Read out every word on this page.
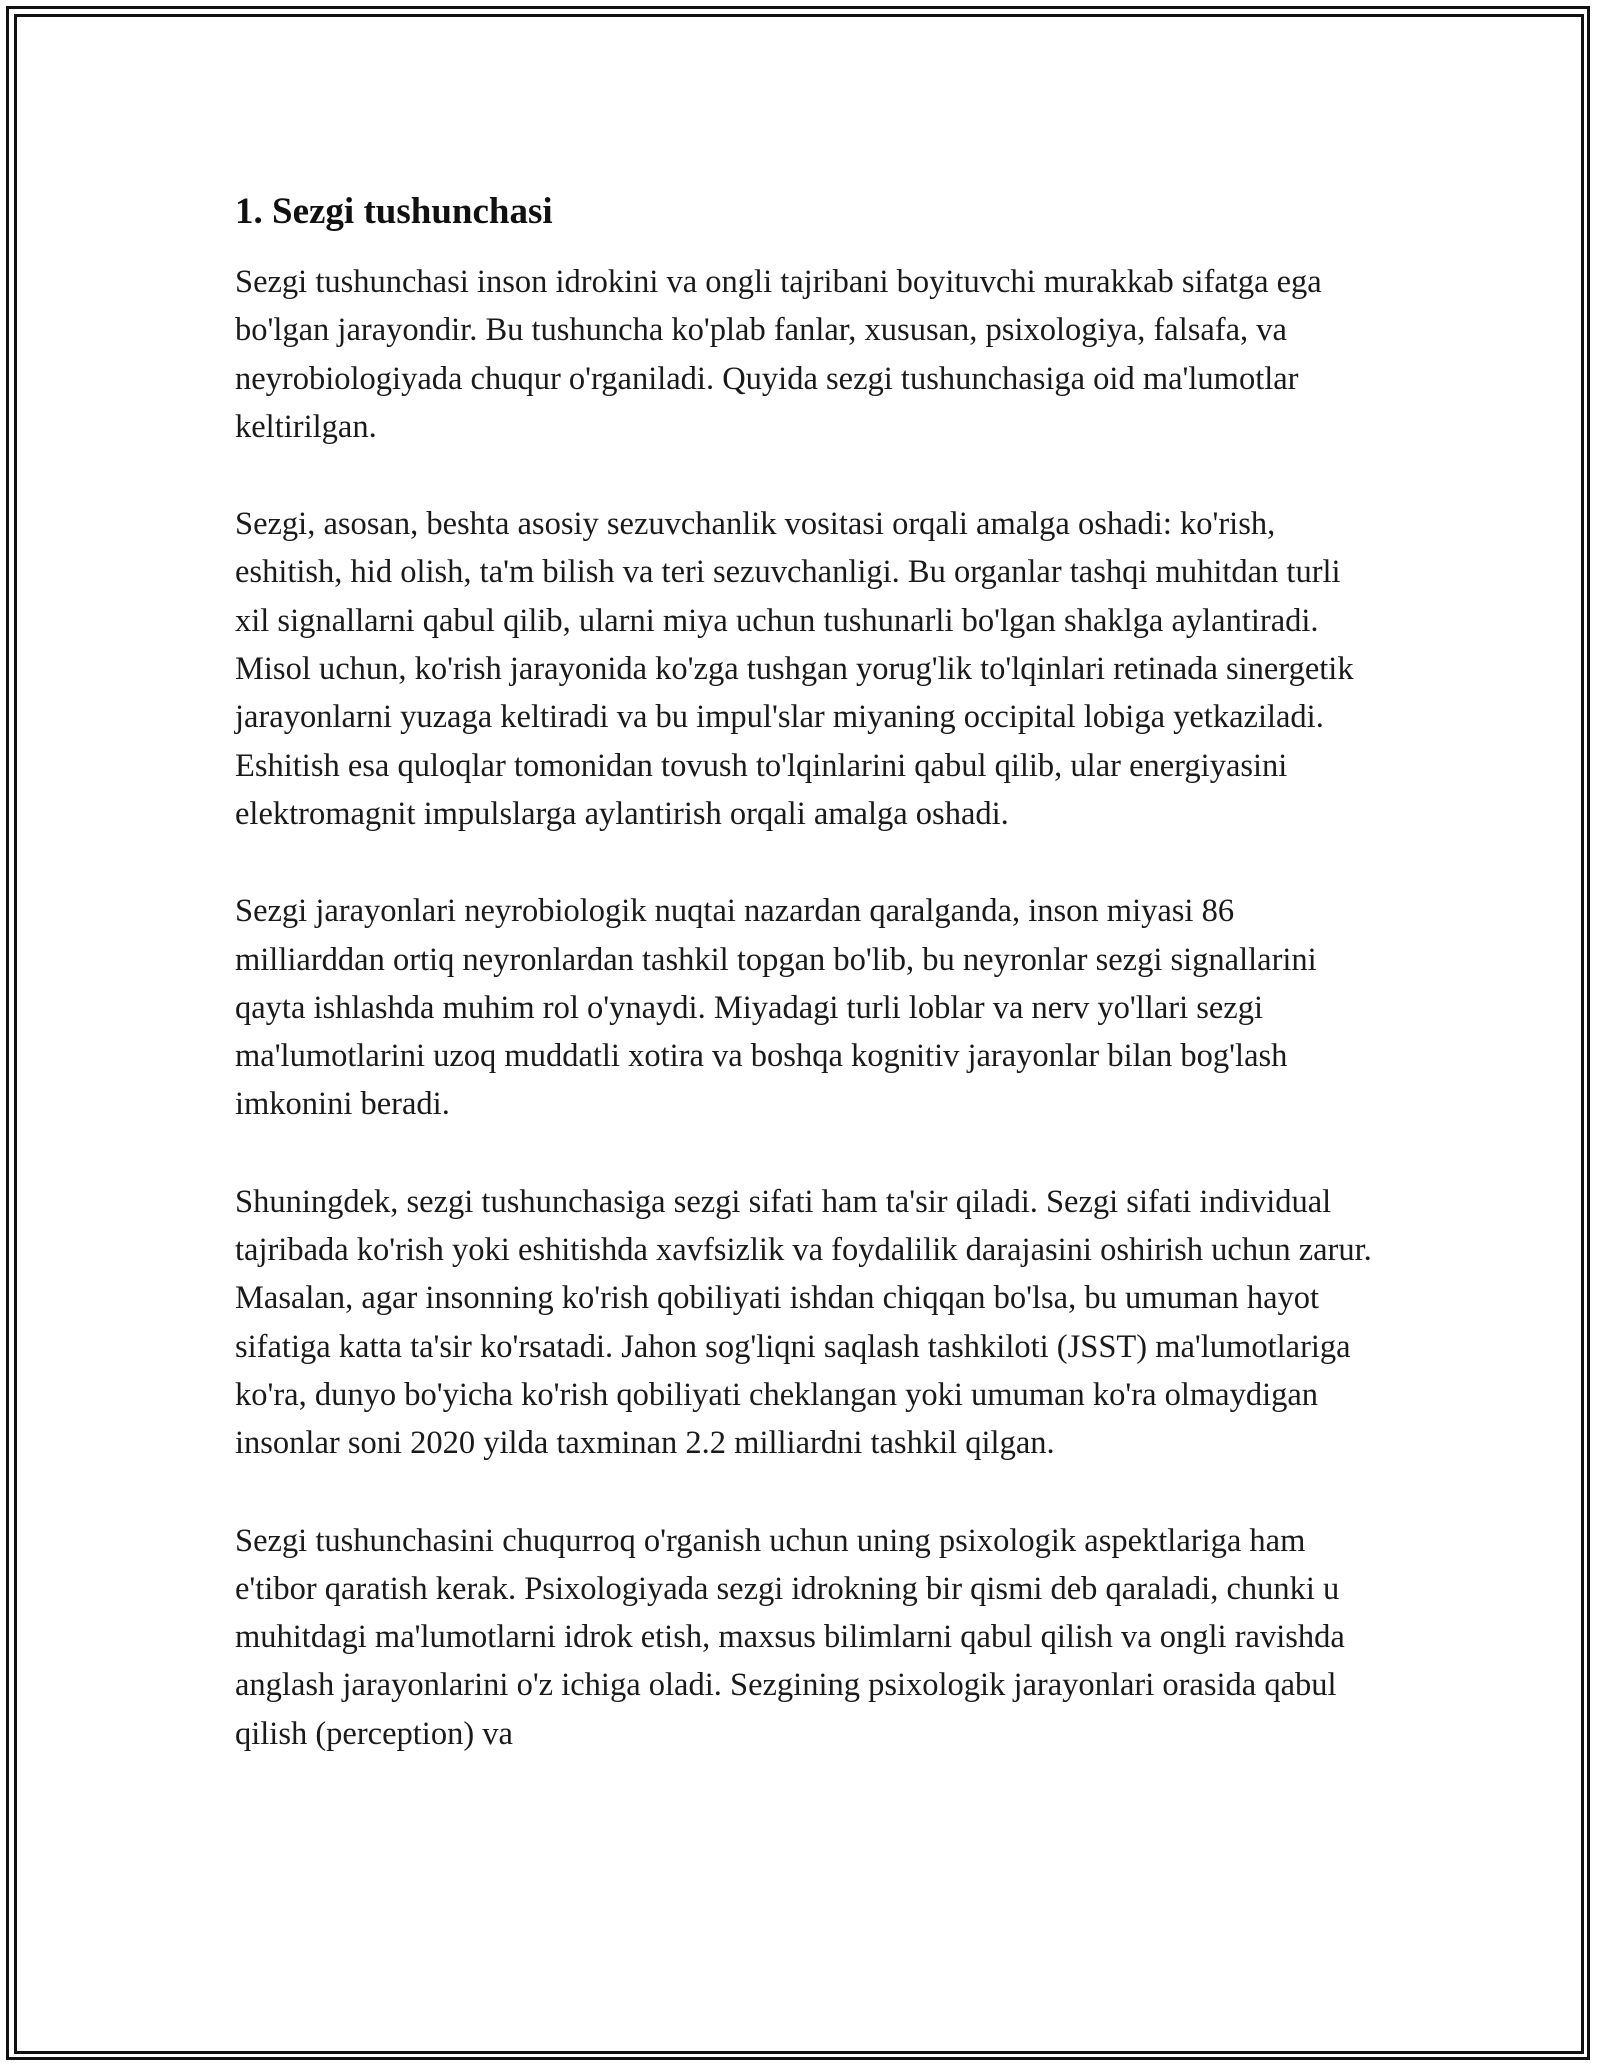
1. Sezgi tushunchasi

Sezgi tushunchasi inson idrokini va ongli tajribani boyituvchi murakkab sifatga ega bo'lgan jarayondir. Bu tushuncha ko'plab fanlar, xususan, psixologiya, falsafa, va neyrobiologiyada chuqur o'rganiladi. Quyida sezgi tushunchasiga oid ma'lumotlar keltirilgan.

Sezgi, asosan, beshta asosiy sezuvchanlik vositasi orqali amalga oshadi: ko'rish, eshitish, hid olish, ta'm bilish va teri sezuvchanligi. Bu organlar tashqi muhitdan turli xil signallarni qabul qilib, ularni miya uchun tushunarli bo'lgan shaklga aylantiradi. Misol uchun, ko'rish jarayonida ko'zga tushgan yorug'lik to'lqinlari retinada sinergetik jarayonlarni yuzaga keltiradi va bu impul'slar miyaning occipital lobiga yetkaziladi. Eshitish esa quloqlar tomonidan tovush to'lqinlarini qabul qilib, ular energiyasini elektromagnit impulslarga aylantirish orqali amalga oshadi.

Sezgi jarayonlari neyrobiologik nuqtai nazardan qaralganda, inson miyasi 86 milliarddan ortiq neyronlardan tashkil topgan bo'lib, bu neyronlar sezgi signallarini qayta ishlashda muhim rol o'ynaydi. Miyadagi turli loblar va nerv yo'llari sezgi ma'lumotlarini uzoq muddatli xotira va boshqa kognitiv jarayonlar bilan bog'lash imkonini beradi.

Shuningdek, sezgi tushunchasiga sezgi sifati ham ta'sir qiladi. Sezgi sifati individual tajribada ko'rish yoki eshitishda xavfsizlik va foydalilik darajasini oshirish uchun zarur. Masalan, agar insonning ko'rish qobiliyati ishdan chiqqan bo'lsa, bu umuman hayot sifatiga katta ta'sir ko'rsatadi. Jahon sog'liqni saqlash tashkiloti (JSST) ma'lumotlariga ko'ra, dunyo bo'yicha ko'rish qobiliyati cheklangan yoki umuman ko'ra olmaydigan insonlar soni 2020 yilda taxminan 2.2 milliardni tashkil qilgan.

Sezgi tushunchasini chuqurroq o'rganish uchun uning psixologik aspektlariga ham e'tibor qaratish kerak. Psixologiyada sezgi idrokning bir qismi deb qaraladi, chunki u muhitdagi ma'lumotlarni idrok etish, maxsus bilimlarni qabul qilish va ongli ravishda anglash jarayonlarini o'z ichiga oladi. Sezgining psixologik jarayonlari orasida qabul qilish (perception) va
